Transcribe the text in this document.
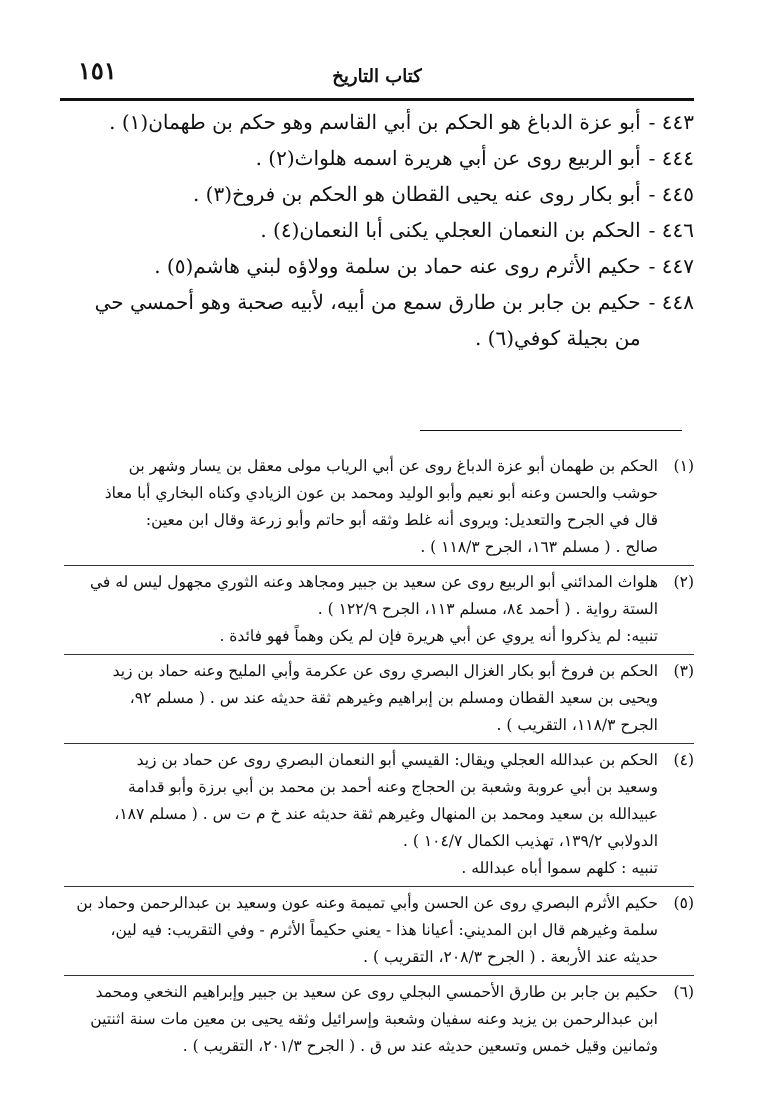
١٥١	كتاب التاريخ
٤٤٣ -
أبو عزة الدباغ هو الحكم بن أبي القاسم وهو حكم بن طهمان(١) .
٤٤٤ -
أبو الربيع روى عن أبي هريرة اسمه هلواث(٢) .
٤٤٥ -
أبو بكار روى عنه يحيى القطان هو الحكم بن فروخ(٣) .
٤٤٦ -
الحكم بن النعمان العجلي يكنى أبا النعمان(٤) .
٤٤٧ -
حكيم الأثرم روى عنه حماد بن سلمة وولاؤه لبني هاشم(٥) .
٤٤٨ -
حكيم بن جابر بن طارق سمع من أبيه، لأبيه صحبة وهو أحمسي حي من بجيلة كوفي(٦) .
(١)
الحكم بن طهمان أبو عزة الدباغ روى عن أبي الرياب مولى معقل بن يسار وشهر بن
حوشب والحسن وعنه أبو نعيم وأبو الوليد ومحمد بن عون الزيادي وكناه البخاري أبا معاذ
قال في الجرح والتعديل: ويروى أنه غلط وثقه أبو حاتم وأبو زرعة وقال ابن معين:
صالح . ( مسلم ١٦٣، الجرح ١١٨/٣ ) .
(٢)
هلواث المدائني أبو الربيع روى عن سعيد بن جبير ومجاهد وعنه الثوري مجهول ليس له في
الستة رواية . ( أحمد ٨٤، مسلم ١١٣، الجرح ١٢٢/٩ ) .
تنبيه: لم يذكروا أنه يروي عن أبي هريرة فإن لم يكن وهماً فهو فائدة .
(٣)
الحكم بن فروخ أبو بكار الغزال البصري روى عن عكرمة وأبي المليح وعنه حماد بن زيد
ويحيى بن سعيد القطان ومسلم بن إبراهيم وغيرهم ثقة حديثه عند س . ( مسلم ٩٢،
الجرح ١١٨/٣، التقريب ) .
(٤)
الحكم بن عبدالله العجلي ويقال: القيسي أبو النعمان البصري روى عن حماد بن زيد
وسعيد بن أبي عروبة وشعبة بن الحجاج وعنه أحمد بن محمد بن أبي برزة وأبو قدامة
عبيدالله بن سعيد ومحمد بن المنهال وغيرهم ثقة حديثه عند خ م ت س . ( مسلم ١٨٧،
الدولابي ١٣٩/٢، تهذيب الكمال ١٠٤/٧ ) .
تنبيه : كلهم سموا أباه عبدالله .
(٥)
حكيم الأثرم البصري روى عن الحسن وأبي تميمة وعنه عون وسعيد بن عبدالرحمن وحماد بن
سلمة وغيرهم قال ابن المديني: أعيانا هذا - يعني حكيماً الأثرم - وفي التقريب: فيه لين،
حديثه عند الأربعة . ( الجرح ٢٠٨/٣، التقريب ) .
(٦)
حكيم بن جابر بن طارق الأحمسي البجلي روى عن سعيد بن جبير وإبراهيم النخعي ومحمد
ابن عبدالرحمن بن يزيد وعنه سفيان وشعبة وإسرائيل وثقه يحيى بن معين مات سنة اثنتين
وثمانين وقيل خمس وتسعين حديثه عند س ق . ( الجرح ٢٠١/٣، التقريب ) .
